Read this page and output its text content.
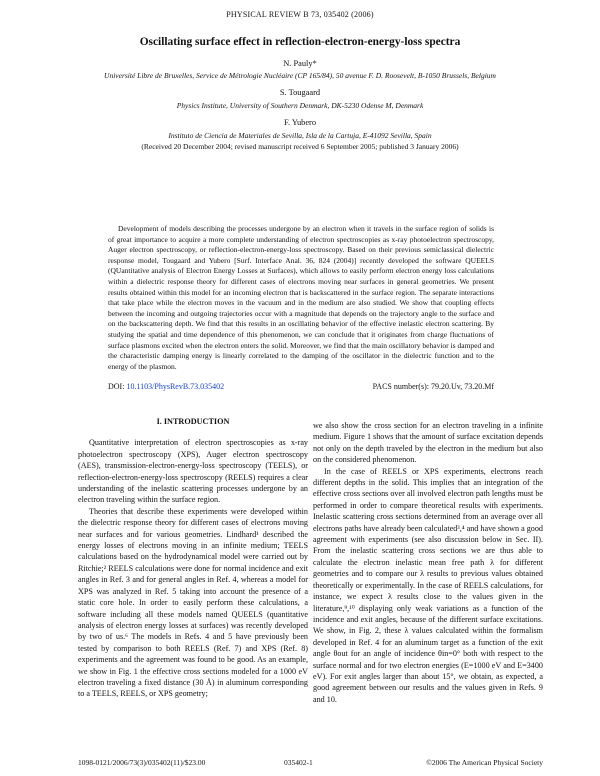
PHYSICAL REVIEW B 73, 035402 (2006)
Oscillating surface effect in reflection-electron-energy-loss spectra
N. Pauly*
Université Libre de Bruxelles, Service de Métrologie Nucléaire (CP 165/84), 50 avenue F. D. Roosevelt, B-1050 Brussels, Belgium
S. Tougaard
Physics Institute, University of Southern Denmark, DK-5230 Odense M, Denmark
F. Yubero
Instituto de Ciencia de Materiales de Sevilla, Isla de la Cartuja, E-41092 Sevilla, Spain
(Received 20 December 2004; revised manuscript received 6 September 2005; published 3 January 2006)

Development of models describing the processes undergone by an electron when it travels in the surface region of solids is of great importance to acquire a more complete understanding of electron spectroscopies as x-ray photoelectron spectroscopy, Auger electron spectroscopy, or reflection-electron-energy-loss spectroscopy. Based on their previous semiclassical dielectric response model, Tougaard and Yubero [Surf. Interface Anal. 36, 824 (2004)] recently developed the software QUEELS (QUantitative analysis of Electron Energy Losses at Surfaces), which allows to easily perform electron energy loss calculations within a dielectric response theory for different cases of electrons moving near surfaces in general geometries. We present results obtained within this model for an incoming electron that is backscattered in the surface region. The separate interactions that take place while the electron moves in the vacuum and in the medium are also studied. We show that coupling effects between the incoming and outgoing trajectories occur with a magnitude that depends on the trajectory angle to the surface and on the backscattering depth. We find that this results in an oscillating behavior of the effective inelastic electron scattering. By studying the spatial and time dependence of this phenomenon, we can conclude that it originates from charge fluctuations of surface plasmons excited when the electron enters the solid. Moreover, we find that the main oscillatory behavior is damped and the characteristic damping energy is linearly correlated to the damping of the oscillator in the dielectric function and to the energy of the plasmon.

DOI: 10.1103/PhysRevB.73.035402	PACS number(s): 79.20.Uv, 73.20.Mf
I. INTRODUCTION

Quantitative interpretation of electron spectroscopies as x-ray photoelectron spectroscopy (XPS), Auger electron spectroscopy (AES), transmission-electron-energy-loss spectroscopy (TEELS), or reflection-electron-energy-loss spectroscopy (REELS) requires a clear understanding of the inelastic scattering processes undergone by an electron traveling within the surface region.

Theories that describe these experiments were developed within the dielectric response theory for different cases of electrons moving near surfaces and for various geometries. Lindhard¹ described the energy losses of electrons moving in an infinite medium; TEELS calculations based on the hydrodynamical model were carried out by Ritchie;² REELS calculations were done for normal incidence and exit angles in Ref. 3 and for general angles in Ref. 4, whereas a model for XPS was analyzed in Ref. 5 taking into account the presence of a static core hole. In order to easily perform these calculations, a software including all these models named QUEELS (quantitative analysis of electron energy losses at surfaces) was recently developed by two of us.⁶ The models in Refs. 4 and 5 have previously been tested by comparison to both REELS (Ref. 7) and XPS (Ref. 8) experiments and the agreement was found to be good. As an example, we show in Fig. 1 the effective cross sections modeled for a 1000 eV electron traveling a fixed distance (30 Å) in aluminum corresponding to a TEELS, REELS, or XPS geometry;

we also show the cross section for an electron traveling in a infinite medium. Figure 1 shows that the amount of surface excitation depends not only on the depth traveled by the electron in the medium but also on the considered phenomenon.

In the case of REELS or XPS experiments, electrons reach different depths in the solid. This implies that an integration of the effective cross sections over all involved electron path lengths must be performed in order to compare theoretical results with experiments. Inelastic scattering cross sections determined from an average over all electrons paths have already been calculated³,⁴ and have shown a good agreement with experiments (see also discussion below in Sec. II). From the inelastic scattering cross sections we are thus able to calculate the electron inelastic mean free path λ for different geometries and to compare our λ results to previous values obtained theoretically or experimentally. In the case of REELS calculations, for instance, we expect λ results close to the values given in the literature,⁹,¹⁰ displaying only weak variations as a function of the incidence and exit angles, because of the different surface excitations. We show, in Fig. 2, these λ values calculated within the formalism developed in Ref. 4 for an aluminum target as a function of the exit angle θout for an angle of incidence θin=0° both with respect to the surface normal and for two electron energies (E=1000 eV and E=3400 eV). For exit angles larger than about 15°, we obtain, as expected, a good agreement between our results and the values given in Refs. 9 and 10.

1098-0121/2006/73(3)/035402(11)/$23.00	035402-1	©2006 The American Physical Society
